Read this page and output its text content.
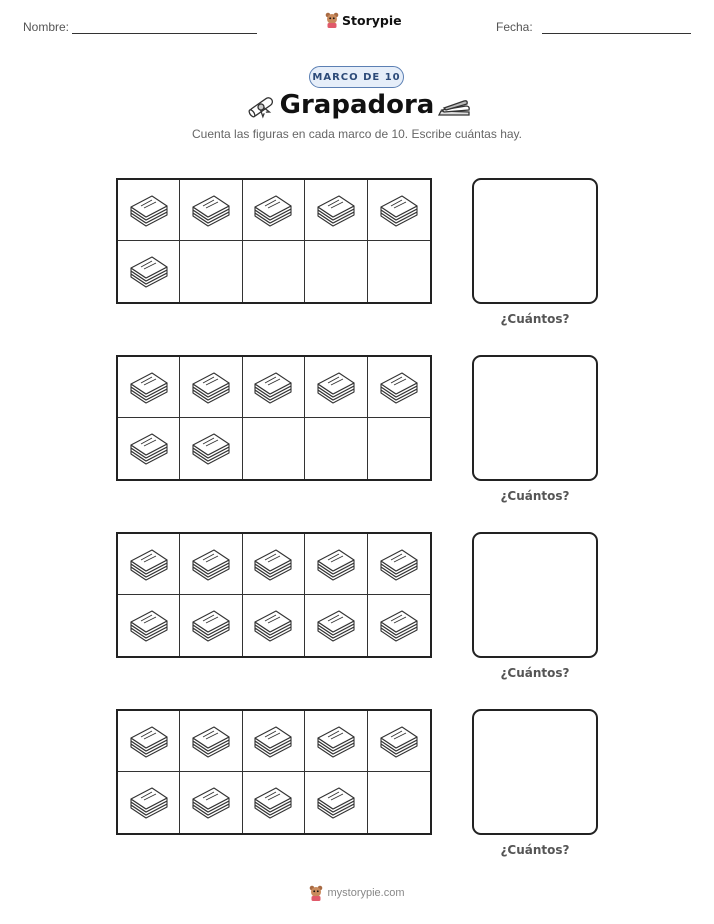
Nombre:	Storypie	Fecha:
MARCO DE 10
Grapadora
Cuenta las figuras en cada marco de 10. Escribe cuántas hay.
¿Cuántos?
¿Cuántos?
¿Cuántos?
¿Cuántos?
mystorypie.com
